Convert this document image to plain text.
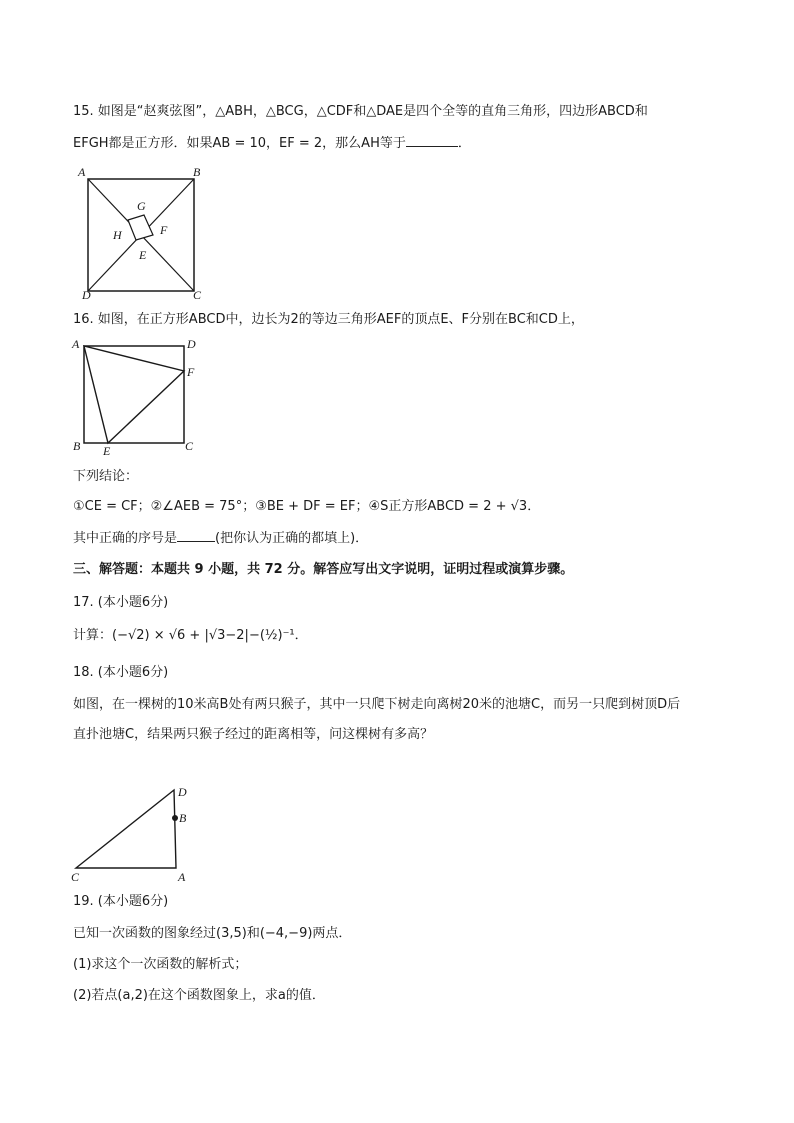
15. 如图是“赵爽弦图”，△ABH，△BCG，△CDF和△DAE是四个全等的直角三角形，四边形ABCD和
EFGH都是正方形．如果AB = 10，EF = 2，那么AH等于	．
A	B
C
D
G
H	F
E
16. 如图，在正方形ABCD中，边长为2的等边三角形AEF的顶点E、F分别在BC和CD上，
A	D
F
B	C
E
下列结论：
①CE = CF；②∠AEB = 75°；③BE + DF = EF；④S正方形ABCD = 2 + √3．
其中正确的序号是	(把你认为正确的都填上)．
三、解答题：本题共 9 小题，共 72 分。解答应写出文字说明，证明过程或演算步骤。
17. (本小题6分)
计算：(−√2) × √6 + |√3−2|−(½)⁻¹．
18. (本小题6分)
如图，在一棵树的10米高B处有两只猴子，其中一只爬下树走向离树20米的池塘C，而另一只爬到树顶D后
直扑池塘C，结果两只猴子经过的距离相等，问这棵树有多高？
D
B
C	A
19. (本小题6分)
已知一次函数的图象经过(3,5)和(−4,−9)两点．
(1)求这个一次函数的解析式；
(2)若点(a,2)在这个函数图象上，求a的值．
